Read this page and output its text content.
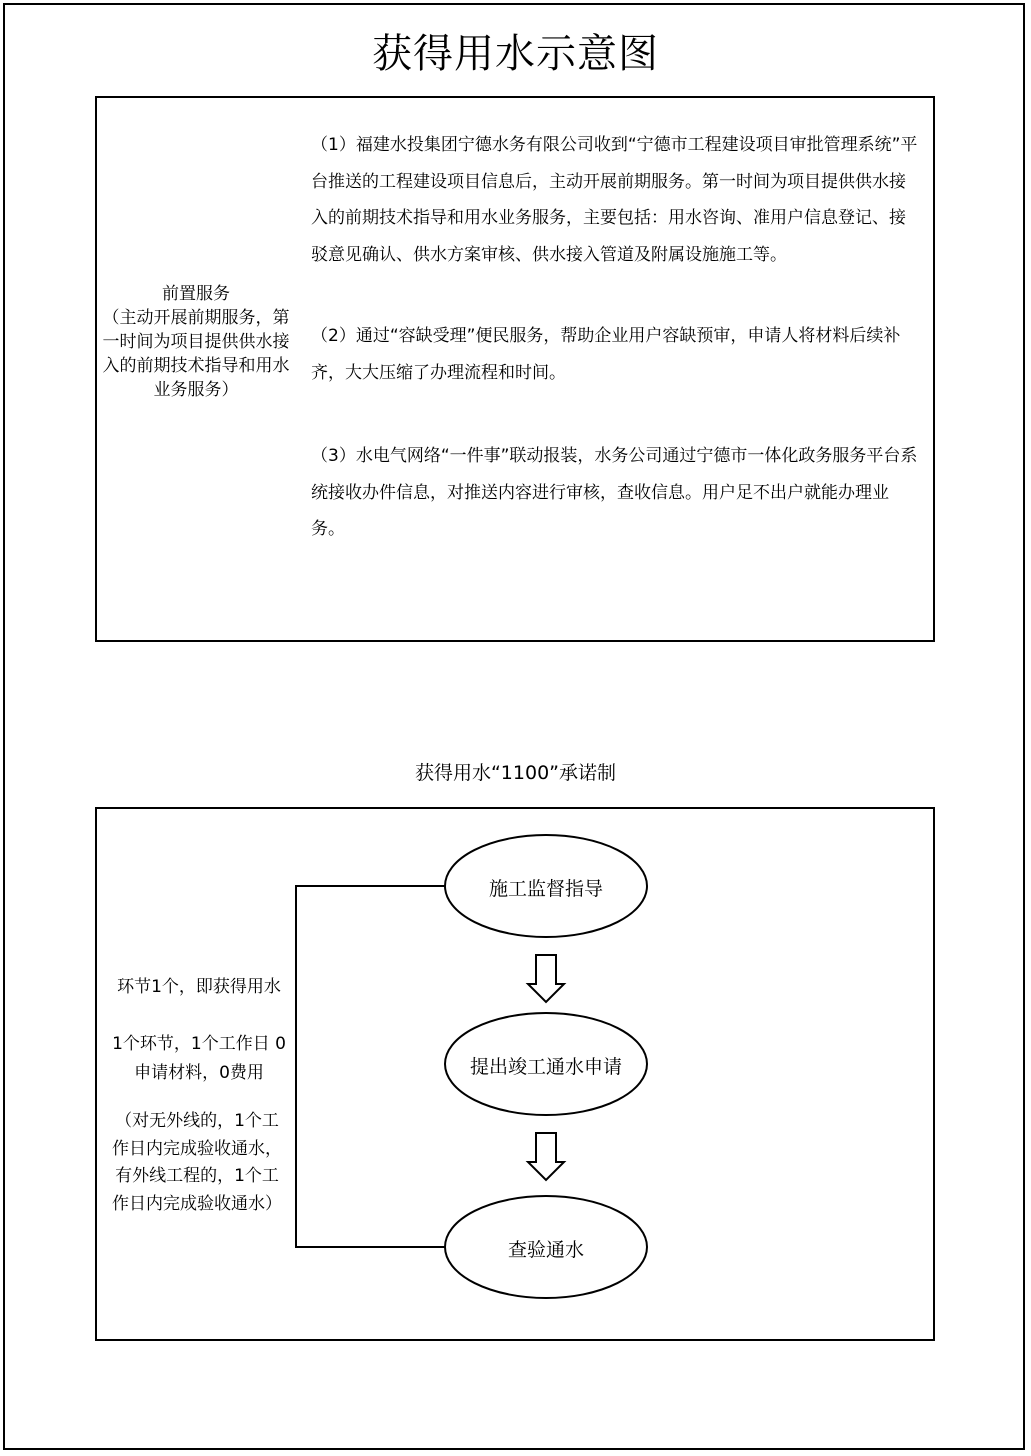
获得用水示意图
前置服务
（主动开展前期服务，第一时间为项目提供供水接入的前期技术指导和用水业务服务）
（1）福建水投集团宁德水务有限公司收到“宁德市工程建设项目审批管理系统”平台推送的工程建设项目信息后，主动开展前期服务。第一时间为项目提供供水接入的前期技术指导和用水业务服务，主要包括：用水咨询、准用户信息登记、接驳意见确认、供水方案审核、供水接入管道及附属设施施工等。
（2）通过“容缺受理”便民服务，帮助企业用户容缺预审，申请人将材料后续补齐，大大压缩了办理流程和时间。
（3）水电气网络“一件事”联动报装，水务公司通过宁德市一体化政务服务平台系统接收办件信息，对推送内容进行审核，查收信息。用户足不出户就能办理业务。
获得用水“1100”承诺制
施工监督指导
提出竣工通水申请
查验通水
环节1个，即获得用水
1个环节，1个工作日 0申请材料，0费用
（对无外线的，1个工作日内完成验收通水，有外线工程的，1个工作日内完成验收通水）
